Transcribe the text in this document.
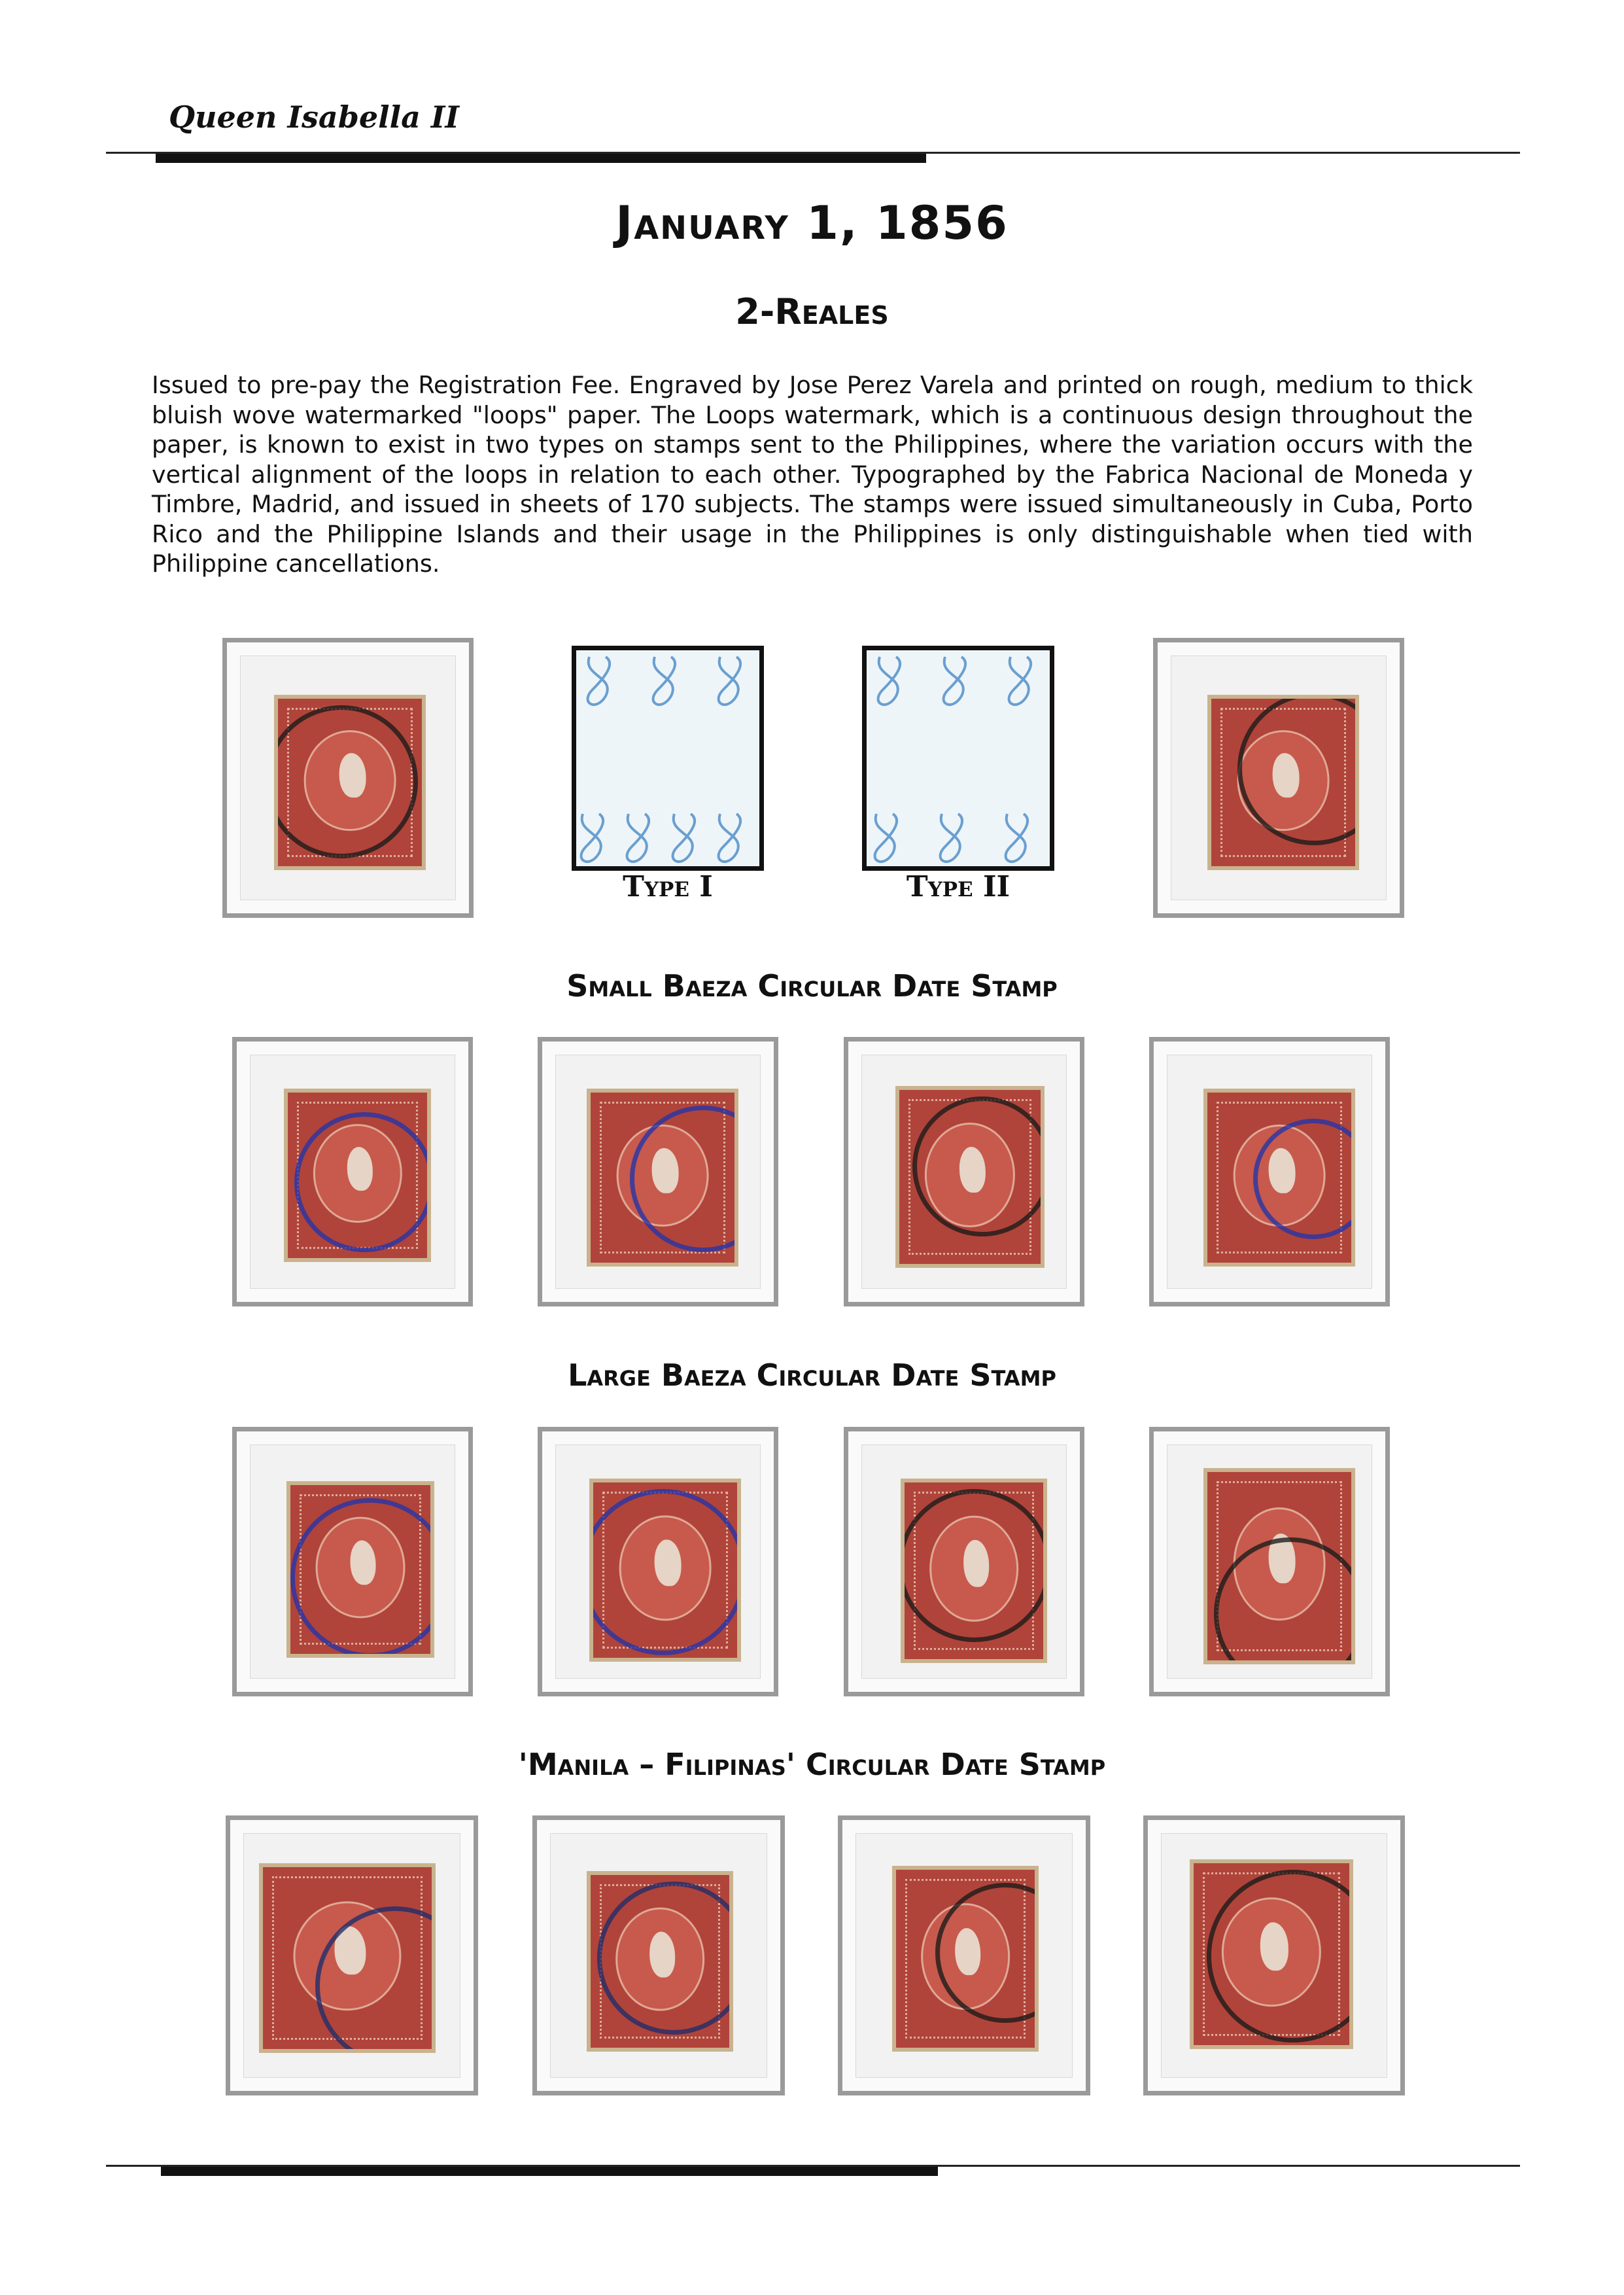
Queen Isabella II
January 1, 1856
2-Reales
Issued to pre-pay the Registration Fee. Engraved by Jose Perez Varela and printed on rough, medium to thick bluish wove watermarked "loops" paper. The Loops watermark, which is a continuous design throughout the paper, is known to exist in two types on stamps sent to the Philippines, where the variation occurs with the vertical alignment of the loops in relation to each other. Typographed by the Fabrica Nacional de Moneda y Timbre, Madrid, and issued in sheets of 170 subjects. The stamps were issued simultaneously in Cuba, Porto Rico and the Philippine Islands and their usage in the Philippines is only distinguishable when tied with Philippine cancellations.
Type I	Type II
Small Baeza Circular Date Stamp
Large Baeza Circular Date Stamp
'Manila – Filipinas' Circular Date Stamp
